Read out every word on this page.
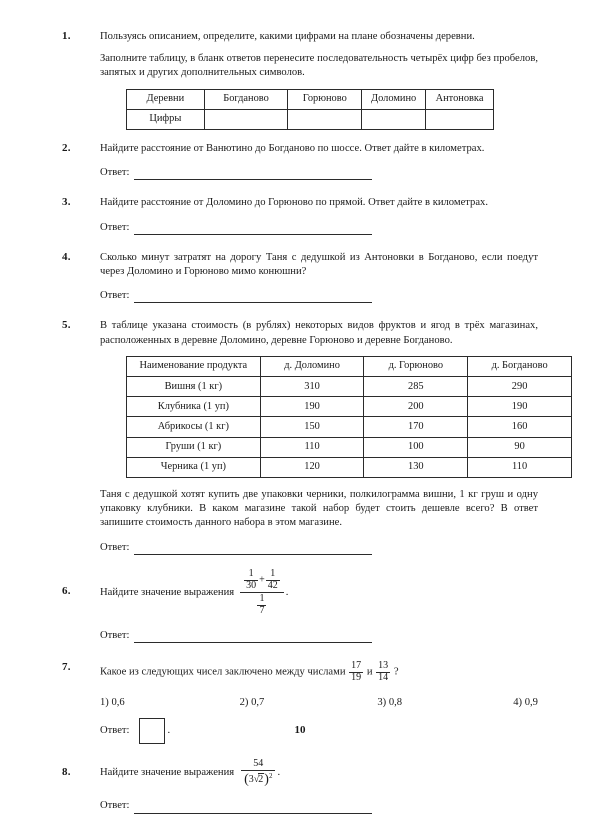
1.	Пользуясь описанием, определите, какими цифрами на плане обозначены деревни.
Заполните таблицу, в бланк ответов перенесите последовательность четырёх цифр без пробелов, запятых и других дополнительных символов.
Деревни	Богданово	Горюново	Доломино	Антоновка
Цифры				
2.	Найдите расстояние от Ванютино до Богданово по шоссе. Ответ дайте в километрах.
Ответ:
3.	Найдите расстояние от Доломино до Горюново по прямой. Ответ дайте в километрах.
Ответ:
4.	Сколько минут затратят на дорогу Таня с дедушкой из Антоновки в Богданово, если поедут через Доломино и Горюново мимо конюшни?
Ответ:
5.	В таблице указана стоимость (в рублях) некоторых видов фруктов и ягод в трёх магазинах, расположенных в деревне Доломино, деревне Горюново и деревне Богданово.
Наименование продукта	д. Доломино	д. Горюново	д. Богданово
Вишня (1 кг)	310	285	290
Клубника (1 уп)	190	200	190
Абрикосы (1 кг)	150	170	160
Груши (1 кг)	110	100	90
Черника (1 уп)	120	130	110
Таня с дедушкой хотят купить две упаковки черники, полкилограмма вишни, 1 кг груш и одну упаковку клубники. В каком магазине такой набор будет стоить дешевле всего? В ответ запишите стоимость данного набора в этом магазине.
Ответ:
6.	Найдите значение выражения
$\frac{1}{30} + \frac{1}{42}$
$\frac{1}{7}$
.
Ответ:
7.	Какое из следующих чисел заключено между числами $\frac{17}{19}$ и $\frac{13}{14}$ ?
1) 0,6	2) 0,7	3) 0,8	4) 0,9
Ответ:	.
8.	Найдите значение выражения $\frac{54}{(3√2)^2}$ .
Ответ:
10
